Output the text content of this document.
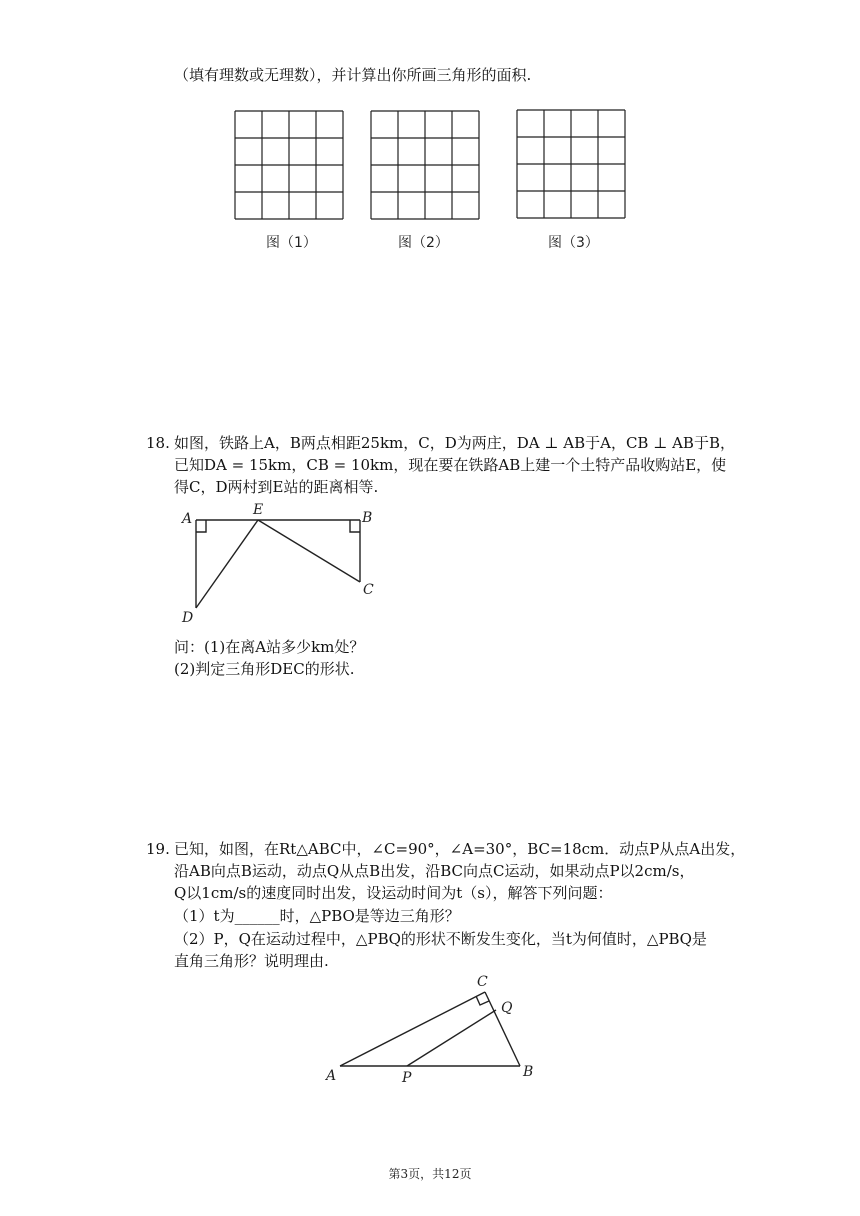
（填有理数或无理数），并计算出你所画三角形的面积.
图（1）	图（2）	图（3）
18. 如图，铁路上A，B两点相距25km，C，D为两庄，DA ⊥ AB于A，CB ⊥ AB于B，
已知DA = 15km，CB = 10km，现在要在铁路AB上建一个土特产品收购站E，使
得C，D两村到E站的距离相等.
A
E	B
C
D
问：(1)在离A站多少km处？
(2)判定三角形DEC的形状.
19. 已知，如图，在Rt△ABC中，∠C=90°，∠A=30°，BC=18cm．动点P从点A出发，
沿AB向点B运动，动点Q从点B出发，沿BC向点C运动，如果动点P以2cm/s，
Q以1cm/s的速度同时出发，设运动时间为t（s），解答下列问题：
（1）t为______时，△PBO是等边三角形？
（2）P，Q在运动过程中，△PBQ的形状不断发生变化，当t为何值时，△PBQ是
直角三角形？说明理由.
C
Q
A	P	B
第3页，共12页
